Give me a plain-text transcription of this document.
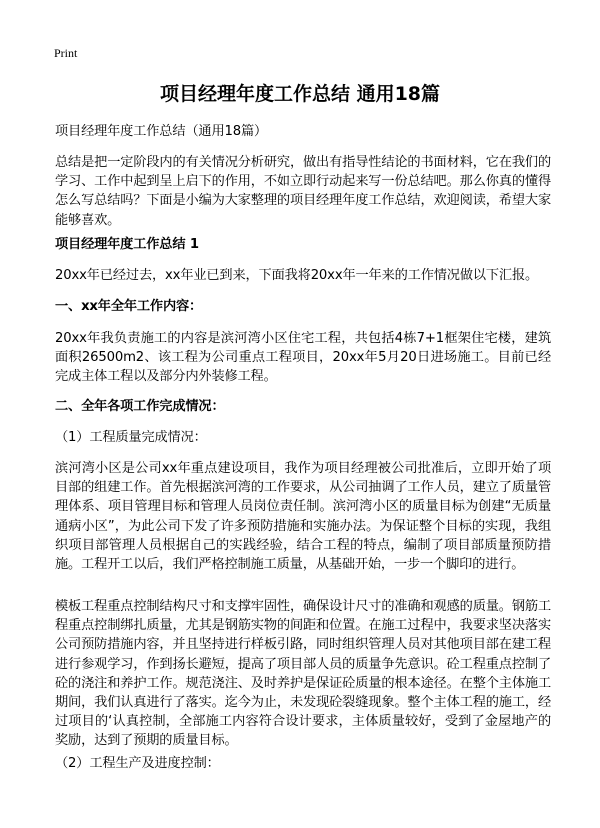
Print
项目经理年度工作总结 通用18篇

项目经理年度工作总结（通用18篇）

总结是把一定阶段内的有关情况分析研究，做出有指导性结论的书面材料，它在我们的学习、工作中起到呈上启下的作用，不如立即行动起来写一份总结吧。那么你真的懂得怎么写总结吗？下面是小编为大家整理的项目经理年度工作总结，欢迎阅读，希望大家能够喜欢。

项目经理年度工作总结 1

20xx年已经过去，xx年业已到来，下面我将20xx年一年来的工作情况做以下汇报。

一、xx年全年工作内容：

20xx年我负责施工的内容是滨河湾小区住宅工程，共包括4栋7+1框架住宅楼，建筑面积26500m2、该工程为公司重点工程项目，20xx年5月20日进场施工。目前已经完成主体工程以及部分内外装修工程。

二、全年各项工作完成情况：

（1）工程质量完成情况：

滨河湾小区是公司xx年重点建设项目，我作为项目经理被公司批准后，立即开始了项目部的组建工作。首先根据滨河湾的工作要求，从公司抽调了工作人员，建立了质量管理体系、项目管理目标和管理人员岗位责任制。滨河湾小区的质量目标为创建“无质量通病小区”，为此公司下发了许多预防措施和实施办法。为保证整个目标的实现，我组织项目部管理人员根据自己的实践经验，结合工程的特点，编制了项目部质量预防措施。工程开工以后，我们严格控制施工质量，从基础开始，一步一个脚印的进行。

模板工程重点控制结构尺寸和支撑牢固性，确保设计尺寸的准确和观感的质量。钢筋工程重点控制绑扎质量，尤其是钢筋实物的间距和位置。在施工过程中，我要求坚决落实公司预防措施内容，并且坚持进行样板引路，同时组织管理人员对其他项目部在建工程进行参观学习，作到扬长避短，提高了项目部人员的质量争先意识。砼工程重点控制了砼的浇注和养护工作。规范浇注、及时养护是保证砼质量的根本途径。在整个主体施工期间，我们认真进行了落实。迄今为止，未发现砼裂缝现象。整个主体工程的施工，经过项目的‘认真控制，全部施工内容符合设计要求，主体质量较好，受到了金屋地产的奖励，达到了预期的质量目标。

（2）工程生产及进度控制：
